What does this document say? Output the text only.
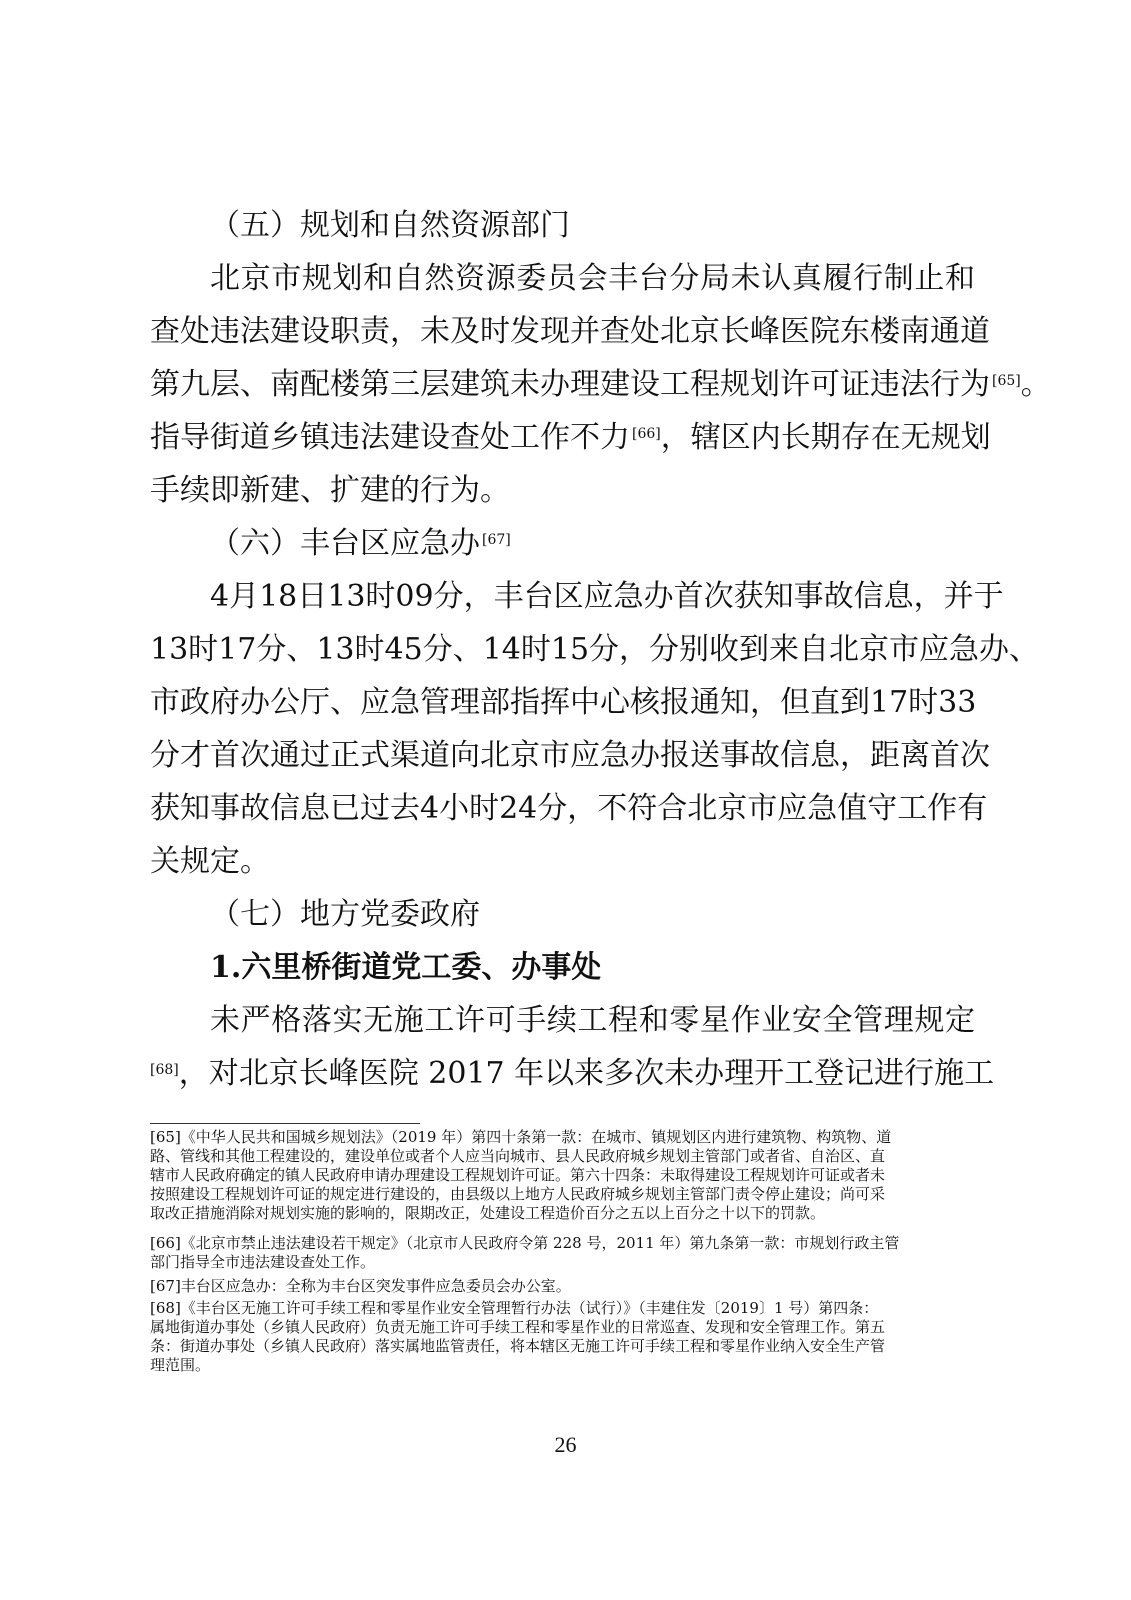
（五）规划和自然资源部门
北京市规划和自然资源委员会丰台分局未认真履行制止和
查处违法建设职责，未及时发现并查处北京长峰医院东楼南通道
第九层、南配楼第三层建筑未办理建设工程规划许可证违法行为 [65]。
指导街道乡镇违法建设查处工作不力 [66]，辖区内长期存在无规划
手续即新建、扩建的行为。
（六）丰台区应急办 [67]
4月18日13时09分，丰台区应急办首次获知事故信息，并于
13时17分、13时45分、14时15分，分别收到来自北京市应急办、
市政府办公厅、应急管理部指挥中心核报通知，但直到17时33
分才首次通过正式渠道向北京市应急办报送事故信息，距离首次
获知事故信息已过去4小时24分，不符合北京市应急值守工作有
关规定。
（七）地方党委政府
1.六里桥街道党工委、办事处
未严格落实无施工许可手续工程和零星作业安全管理规定
[68]，对北京长峰医院 2017 年以来多次未办理开工登记进行施工
[65]《中华人民共和国城乡规划法》（2019 年）第四十条第一款：在城市、镇规划区内进行建筑物、构筑物、道
路、管线和其他工程建设的，建设单位或者个人应当向城市、县人民政府城乡规划主管部门或者省、自治区、直
辖市人民政府确定的镇人民政府申请办理建设工程规划许可证。第六十四条：未取得建设工程规划许可证或者未
按照建设工程规划许可证的规定进行建设的，由县级以上地方人民政府城乡规划主管部门责令停止建设；尚可采
取改正措施消除对规划实施的影响的，限期改正，处建设工程造价百分之五以上百分之十以下的罚款。
[66]《北京市禁止违法建设若干规定》（北京市人民政府令第 228 号，2011 年）第九条第一款：市规划行政主管
部门指导全市违法建设查处工作。
[67]丰台区应急办：全称为丰台区突发事件应急委员会办公室。
[68]《丰台区无施工许可手续工程和零星作业安全管理暂行办法（试行）》（丰建住发〔2019〕1 号）第四条：
属地街道办事处（乡镇人民政府）负责无施工许可手续工程和零星作业的日常巡查、发现和安全管理工作。第五
条：街道办事处（乡镇人民政府）落实属地监管责任，将本辖区无施工许可手续工程和零星作业纳入安全生产管
理范围。
26
